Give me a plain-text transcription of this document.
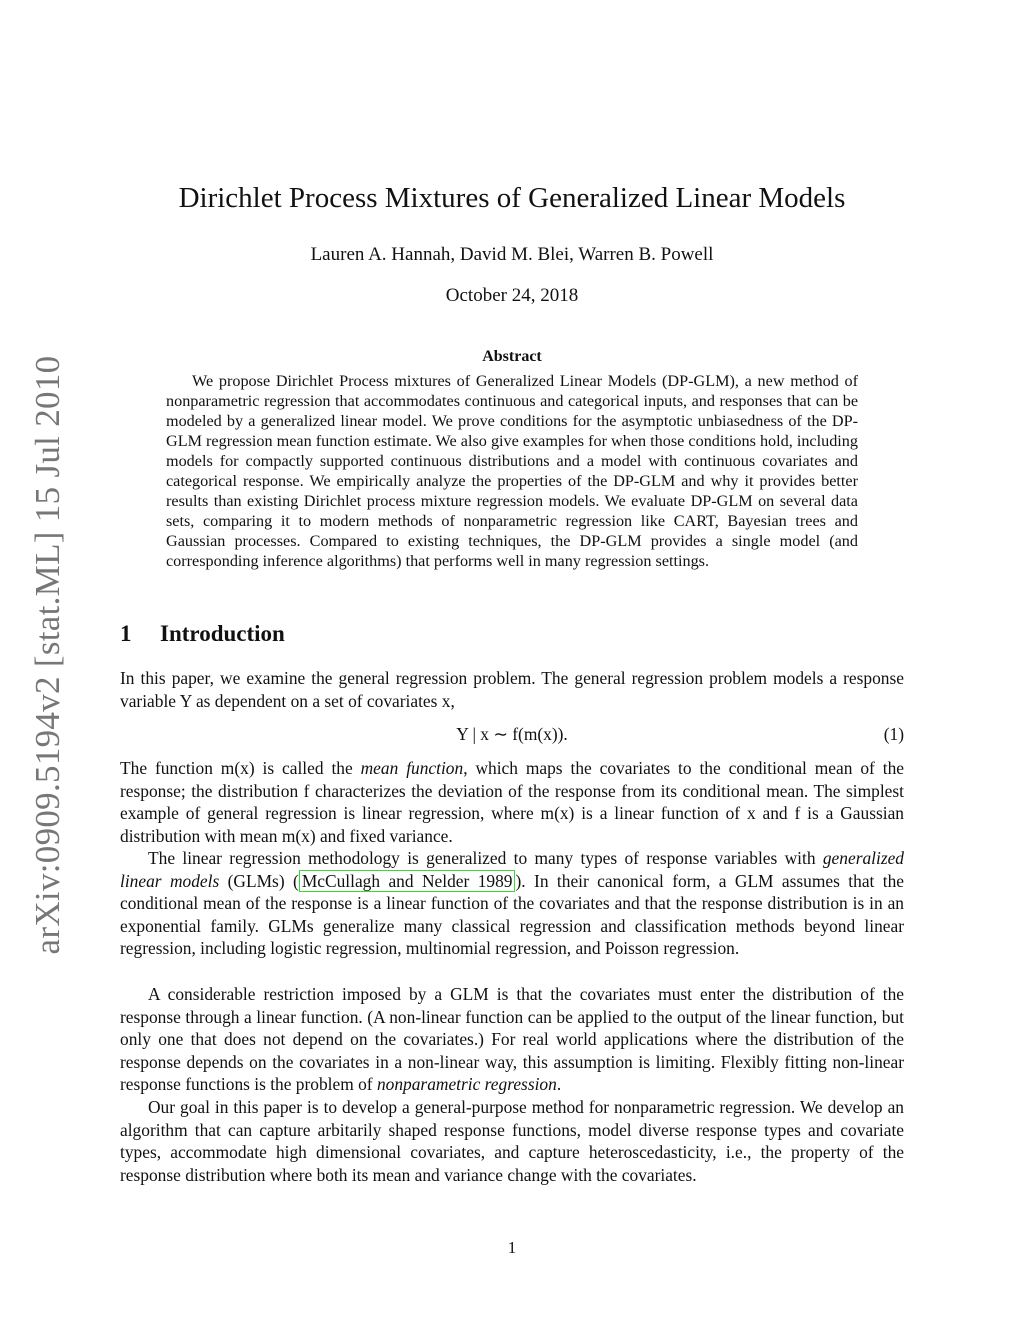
arXiv:0909.5194v2 [stat.ML] 15 Jul 2010
Dirichlet Process Mixtures of Generalized Linear Models
Lauren A. Hannah, David M. Blei, Warren B. Powell
October 24, 2018
Abstract
We propose Dirichlet Process mixtures of Generalized Linear Models (DP-GLM), a new method of nonparametric regression that accommodates continuous and categorical inputs, and responses that can be modeled by a generalized linear model. We prove conditions for the asymptotic unbiasedness of the DP-GLM regression mean function estimate. We also give examples for when those conditions hold, including models for compactly supported continuous distributions and a model with continuous covariates and categorical response. We empirically analyze the properties of the DP-GLM and why it provides better results than existing Dirichlet process mixture regression models. We evaluate DP-GLM on several data sets, comparing it to modern methods of nonparametric regression like CART, Bayesian trees and Gaussian processes. Compared to existing techniques, the DP-GLM provides a single model (and corresponding inference algorithms) that performs well in many regression settings.
1 Introduction

In this paper, we examine the general regression problem. The general regression problem models a response variable Y as dependent on a set of covariates x,

Y | x ∼ f(m(x)).	(1)

The function m(x) is called the mean function, which maps the covariates to the conditional mean of the response; the distribution f characterizes the deviation of the response from its conditional mean. The simplest example of general regression is linear regression, where m(x) is a linear function of x and f is a Gaussian distribution with mean m(x) and fixed variance.

The linear regression methodology is generalized to many types of response variables with generalized linear models (GLMs) ( McCullagh and Nelder 1989 ). In their canonical form, a GLM assumes that the conditional mean of the response is a linear function of the covariates and that the response distribution is in an exponential family. GLMs generalize many classical regression and classification methods beyond linear regression, including logistic regression, multinomial regression, and Poisson regression.

A considerable restriction imposed by a GLM is that the covariates must enter the distribution of the response through a linear function. (A non-linear function can be applied to the output of the linear function, but only one that does not depend on the covariates.) For real world applications where the distribution of the response depends on the covariates in a non-linear way, this assumption is limiting. Flexibly fitting non-linear response functions is the problem of nonparametric regression.

Our goal in this paper is to develop a general-purpose method for nonparametric regression. We develop an algorithm that can capture arbitarily shaped response functions, model diverse response types and covariate types, accommodate high dimensional covariates, and capture heteroscedasticity, i.e., the property of the response distribution where both its mean and variance change with the covariates.

1
